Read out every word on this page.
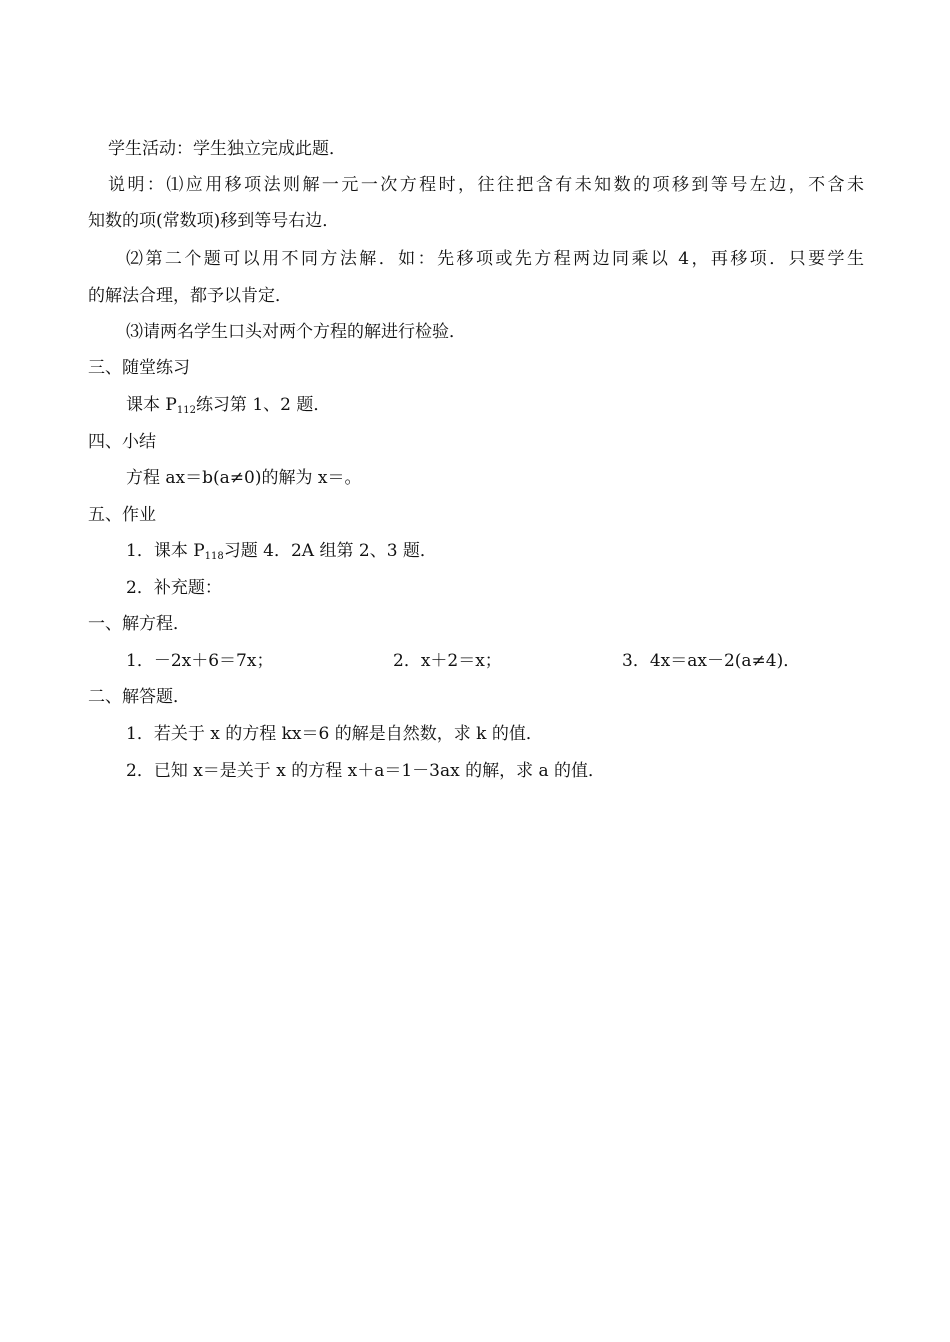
学生活动：学生独立完成此题．
说明：⑴应用移项法则解一元一次方程时，往往把含有未知数的项移到等号左边，不含未
知数的项(常数项)移到等号右边．
⑵第二个题可以用不同方法解．如：先移项或先方程两边同乘以 4，再移项．只要学生
的解法合理，都予以肯定．
⑶请两名学生口头对两个方程的解进行检验．
三、随堂练习
课本 $P_{112}$练习第 1、2 题．
四、小结
方程 ax＝b(a≠0)的解为 x＝。
五、作业
1．课本 $P_{118}$习题 4．2A 组第 2、3 题．
2．补充题：
一、解方程．
1．－2x＋6＝7x；	2．x＋2＝x；	3．4x＝ax－2(a≠4)．
二、解答题．
1．若关于 x 的方程 kx＝6 的解是自然数，求 k 的值．
2．已知 x＝是关于 x 的方程 x＋a＝1－3ax 的解，求 a 的值．
